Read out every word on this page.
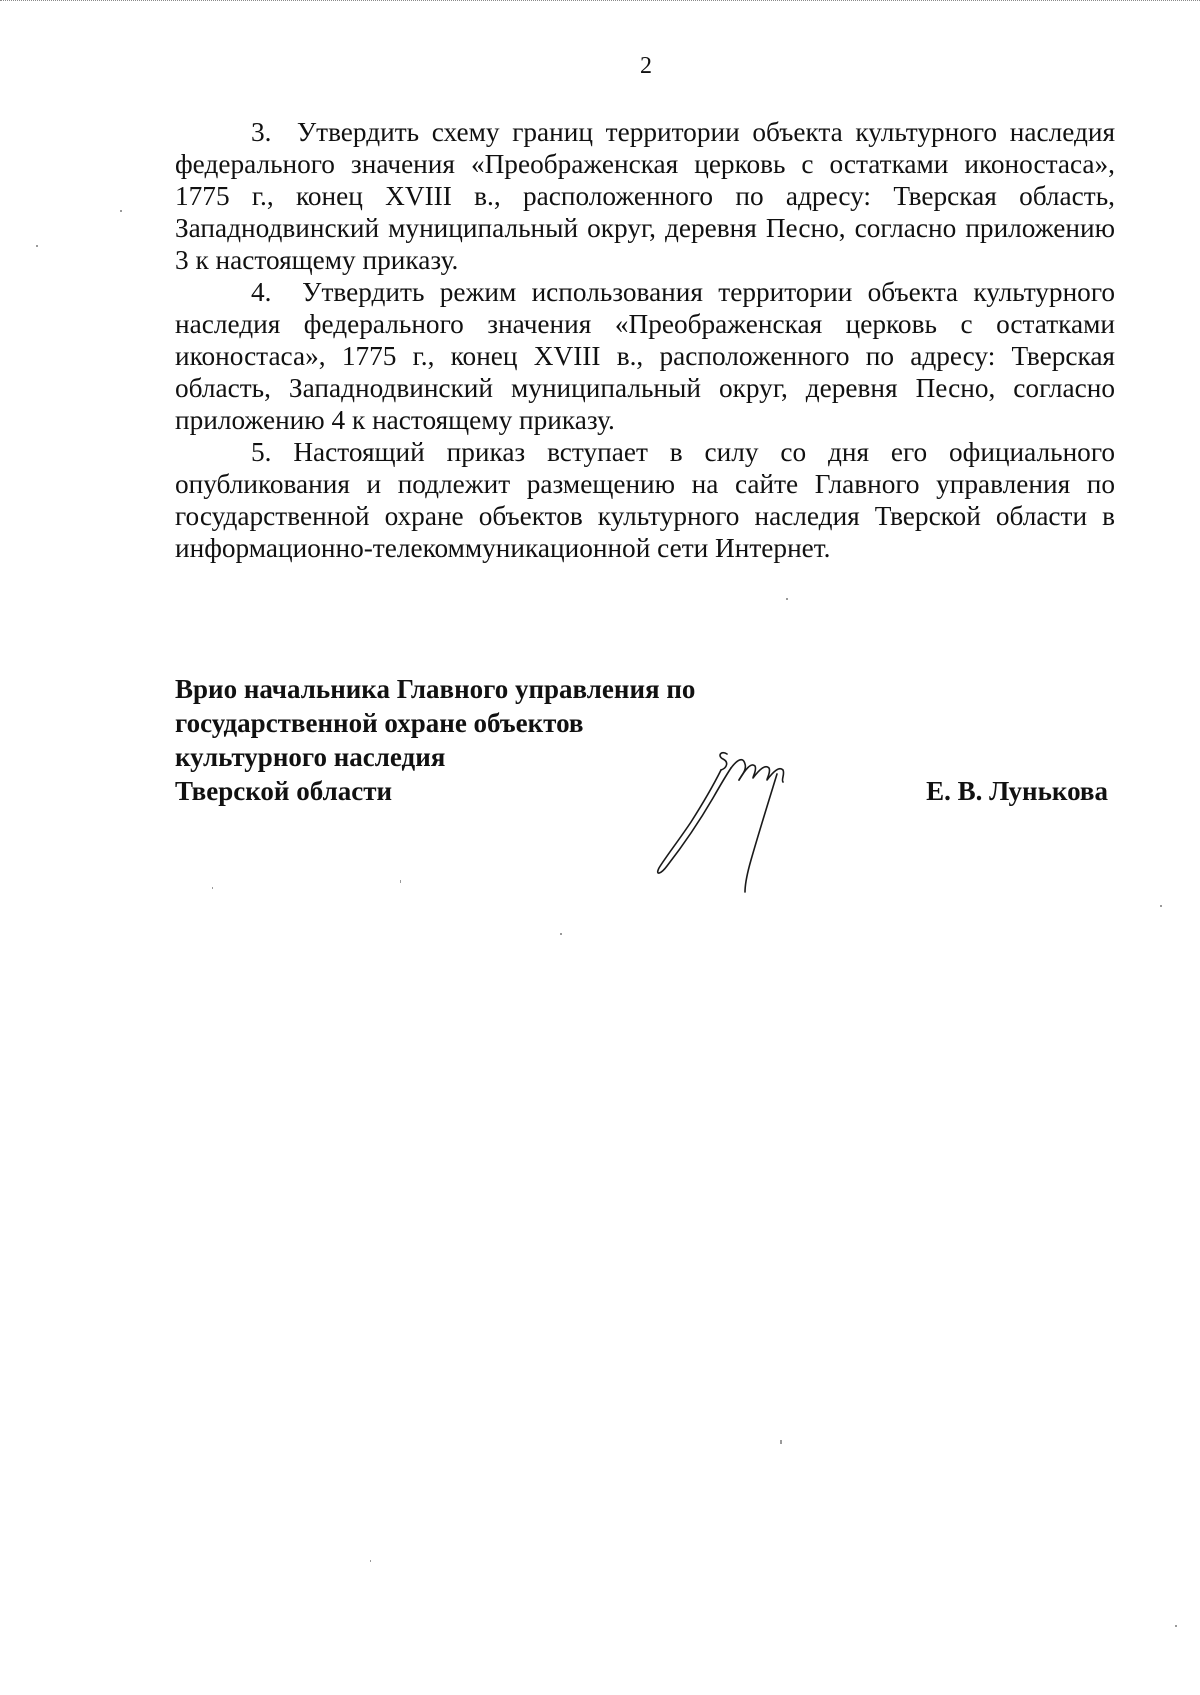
2

3.  Утвердить схему границ территории объекта культурного наследия федерального значения «Преображенская церковь с остатками иконостаса», 1775 г., конец XVIII в., расположенного по адресу: Тверская область, Западнодвинский муниципальный округ, деревня Песно, согласно приложению 3 к настоящему приказу.

4.  Утвердить режим использования территории объекта культурного наследия федерального значения «Преображенская церковь с остатками иконостаса», 1775 г., конец XVIII в., расположенного по адресу: Тверская область, Западнодвинский муниципальный округ, деревня Песно, согласно приложению 4 к настоящему приказу.

5. Настоящий приказ вступает в силу со дня его официального опубликования и подлежит размещению на сайте Главного управления по государственной охране объектов культурного наследия Тверской области в информационно-телекоммуникационной сети Интернет.

Врио начальника Главного управления по
государственной охране объектов
культурного наследия
Тверской области	Е. В. Лунькова
